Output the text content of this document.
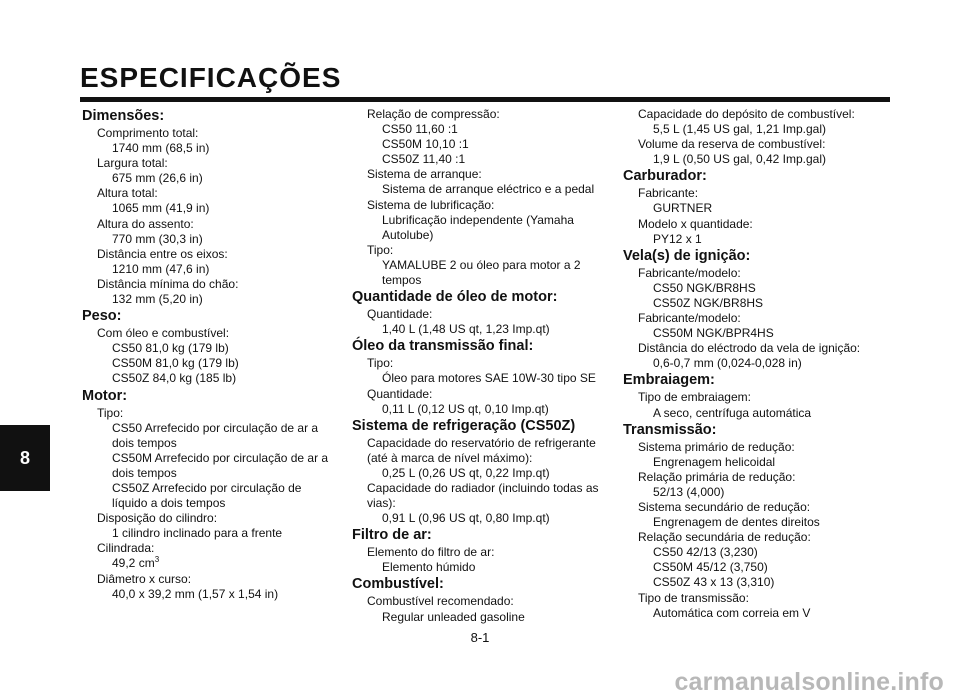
ESPECIFICAÇÕES
8
Dimensões:
Comprimento total:
1740 mm (68,5 in)
Largura total:
675 mm (26,6 in)
Altura total:
1065 mm (41,9 in)
Altura do assento:
770 mm (30,3 in)
Distância entre os eixos:
1210 mm (47,6 in)
Distância mínima do chão:
132 mm (5,20 in)
Peso:
Com óleo e combustível:
CS50 81,0 kg (179 lb)
CS50M 81,0 kg (179 lb)
CS50Z 84,0 kg (185 lb)
Motor:
Tipo:
CS50 Arrefecido por circulação de ar a
dois tempos
CS50M Arrefecido por circulação de ar a
dois tempos
CS50Z Arrefecido por circulação de
líquido a dois tempos
Disposição do cilindro:
1 cilindro inclinado para a frente
Cilindrada:
49,2 $cm^3$
Diâmetro x curso:
40,0 x 39,2 mm (1,57 x 1,54 in)
Relação de compressão:
CS50 11,60 :1
CS50M 10,10 :1
CS50Z 11,40 :1
Sistema de arranque:
Sistema de arranque eléctrico e a pedal
Sistema de lubrificação:
Lubrificação independente (Yamaha
Autolube)
Tipo:
YAMALUBE 2 ou óleo para motor a 2
tempos
Quantidade de óleo de motor:
Quantidade:
1,40 L (1,48 US qt, 1,23 Imp.qt)
Óleo da transmissão final:
Tipo:
Óleo para motores SAE 10W-30 tipo SE
Quantidade:
0,11 L (0,12 US qt, 0,10 Imp.qt)
Sistema de refrigeração (CS50Z)
Capacidade do reservatório de refrigerante
(até à marca de nível máximo):
0,25 L (0,26 US qt, 0,22 Imp.qt)
Capacidade do radiador (incluindo todas as
vias):
0,91 L (0,96 US qt, 0,80 Imp.qt)
Filtro de ar:
Elemento do filtro de ar:
Elemento húmido
Combustível:
Combustível recomendado:
Regular unleaded gasoline
Capacidade do depósito de combustível:
5,5 L (1,45 US gal, 1,21 Imp.gal)
Volume da reserva de combustível:
1,9 L (0,50 US gal, 0,42 Imp.gal)
Carburador:
Fabricante:
GURTNER
Modelo x quantidade:
PY12 x 1
Vela(s) de ignição:
Fabricante/modelo:
CS50 NGK/BR8HS
CS50Z NGK/BR8HS
Fabricante/modelo:
CS50M NGK/BPR4HS
Distância do eléctrodo da vela de ignição:
0,6-0,7 mm (0,024-0,028 in)
Embraiagem:
Tipo de embraiagem:
A seco, centrífuga automática
Transmissão:
Sistema primário de redução:
Engrenagem helicoidal
Relação primária de redução:
52/13 (4,000)
Sistema secundário de redução:
Engrenagem de dentes direitos
Relação secundária de redução:
CS50 42/13 (3,230)
CS50M 45/12 (3,750)
CS50Z 43 x 13 (3,310)
Tipo de transmissão:
Automática com correia em V
8-1
carmanualsonline.info
